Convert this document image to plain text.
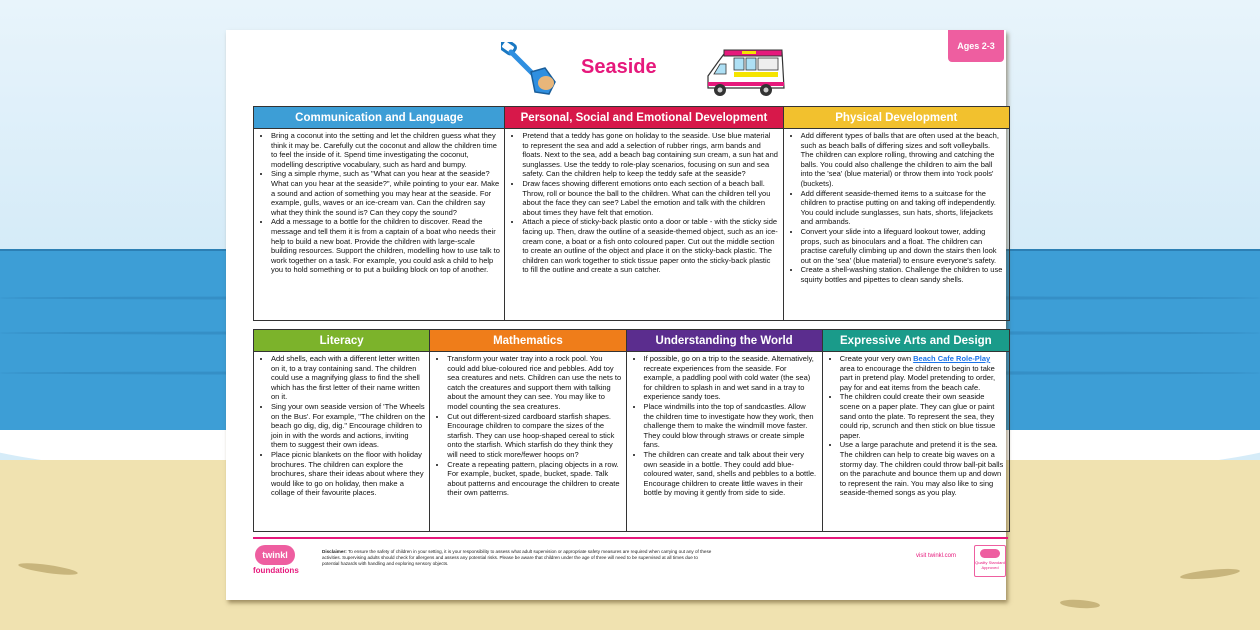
Seaside
Ages 2-3
Communication and Language
• Bring a coconut into the setting and let the children guess what they think it may be. Carefully cut the coconut and allow the children time to feel the inside of it. Spend time investigating the coconut, modelling descriptive vocabulary, such as hard and bumpy.
• Sing a simple rhyme, such as "What can you hear at the seaside? What can you hear at the seaside?", while pointing to your ear. Make a sound and action of something you may hear at the seaside. For example, gulls, waves or an ice-cream van. Can the children say what they think the sound is? Can they copy the sound?
• Add a message to a bottle for the children to discover. Read the message and tell them it is from a captain of a boat who needs their help to build a new boat. Provide the children with large-scale building resources. Support the children, modelling how to use talk to work together on a task. For example, you could ask a child to help you to hold something or to put a building block on top of another.
Personal, Social and Emotional Development
• Pretend that a teddy has gone on holiday to the seaside. Use blue material to represent the sea and add a selection of rubber rings, arm bands and floats. Next to the sea, add a beach bag containing sun cream, a sun hat and sunglasses. Use the teddy to role-play scenarios, focusing on sun and sea safety. Can the children help to keep the teddy safe at the seaside?
• Draw faces showing different emotions onto each section of a beach ball. Throw, roll or bounce the ball to the children. What can the children tell you about the face they can see? Label the emotion and talk with the children about times they have felt that emotion.
• Attach a piece of sticky-back plastic onto a door or table - with the sticky side facing up. Then, draw the outline of a seaside-themed object, such as an ice-cream cone, a boat or a fish onto coloured paper. Cut out the middle section to create an outline of the object and place it on the sticky-back plastic. The children can work together to stick tissue paper onto the sticky-back plastic to fill the outline and create a sun catcher.
Physical Development
• Add different types of balls that are often used at the beach, such as beach balls of differing sizes and soft volleyballs. The children can explore rolling, throwing and catching the balls. You could also challenge the children to aim the ball into the 'sea' (blue material) or throw them into 'rock pools' (buckets).
• Add different seaside-themed items to a suitcase for the children to practise putting on and taking off independently. You could include sunglasses, sun hats, shorts, lifejackets and armbands.
• Convert your slide into a lifeguard lookout tower, adding props, such as binoculars and a float. The children can practise carefully climbing up and down the stairs then look out on the 'sea' (blue material) to ensure everyone's safety.
• Create a shell-washing station. Challenge the children to use squirty bottles and pipettes to clean sandy shells.
Literacy
• Add shells, each with a different letter written on it, to a tray containing sand. The children could use a magnifying glass to find the shell which has the first letter of their name written on it.
• Sing your own seaside version of 'The Wheels on the Bus'. For example, "The children on the beach go dig, dig, dig." Encourage children to join in with the words and actions, inviting them to suggest their own ideas.
• Place picnic blankets on the floor with holiday brochures. The children can explore the brochures, share their ideas about where they would like to go on holiday, then make a collage of their favourite places.
Mathematics
• Transform your water tray into a rock pool. You could add blue-coloured rice and pebbles. Add toy sea creatures and nets. Children can use the nets to catch the creatures and support them with talking about the amount they can see. You may like to model counting the sea creatures.
• Cut out different-sized cardboard starfish shapes. Encourage children to compare the sizes of the starfish. They can use hoop-shaped cereal to stick onto the starfish. Which starfish do they think they will need to stick more/fewer hoops on?
• Create a repeating pattern, placing objects in a row. For example, bucket, spade, bucket, spade. Talk about patterns and encourage the children to create their own patterns.
Understanding the World
• If possible, go on a trip to the seaside. Alternatively, recreate experiences from the seaside. For example, a paddling pool with cold water (the sea) for children to splash in and wet sand in a tray to experience sandy toes.
• Place windmills into the top of sandcastles. Allow the children time to investigate how they work, then challenge them to make the windmill move faster. They could blow through straws or create simple fans.
• The children can create and talk about their very own seaside in a bottle. They could add blue-coloured water, sand, shells and pebbles to a bottle. Encourage children to create little waves in their bottle by moving it gently from side to side.
Expressive Arts and Design
• Create your very own Beach Cafe Role-Play area to encourage the children to begin to take part in pretend play. Model pretending to order, pay for and eat items from the beach cafe.
• The children could create their own seaside scene on a paper plate. They can glue or paint sand onto the plate. To represent the sea, they could rip, scrunch and then stick on blue tissue paper.
• Use a large parachute and pretend it is the sea. The children can help to create big waves on a stormy day. The children could throw ball-pit balls on the parachute and bounce them up and down to represent the rain. You may also like to sing seaside-themed songs as you play.
twinkl
foundations
Disclaimer: To ensure the safety of children in your setting, it is your responsibility to assess what adult supervision or appropriate safety measures are required when carrying out any of these activities. Supervising adults should check for allergens and assess any potential risks. Please be aware that children under the age of three will need to be supervised at all times due to potential hazards with handling and exploring sensory objects.
visit twinkl.com
Quality Standard Approved
